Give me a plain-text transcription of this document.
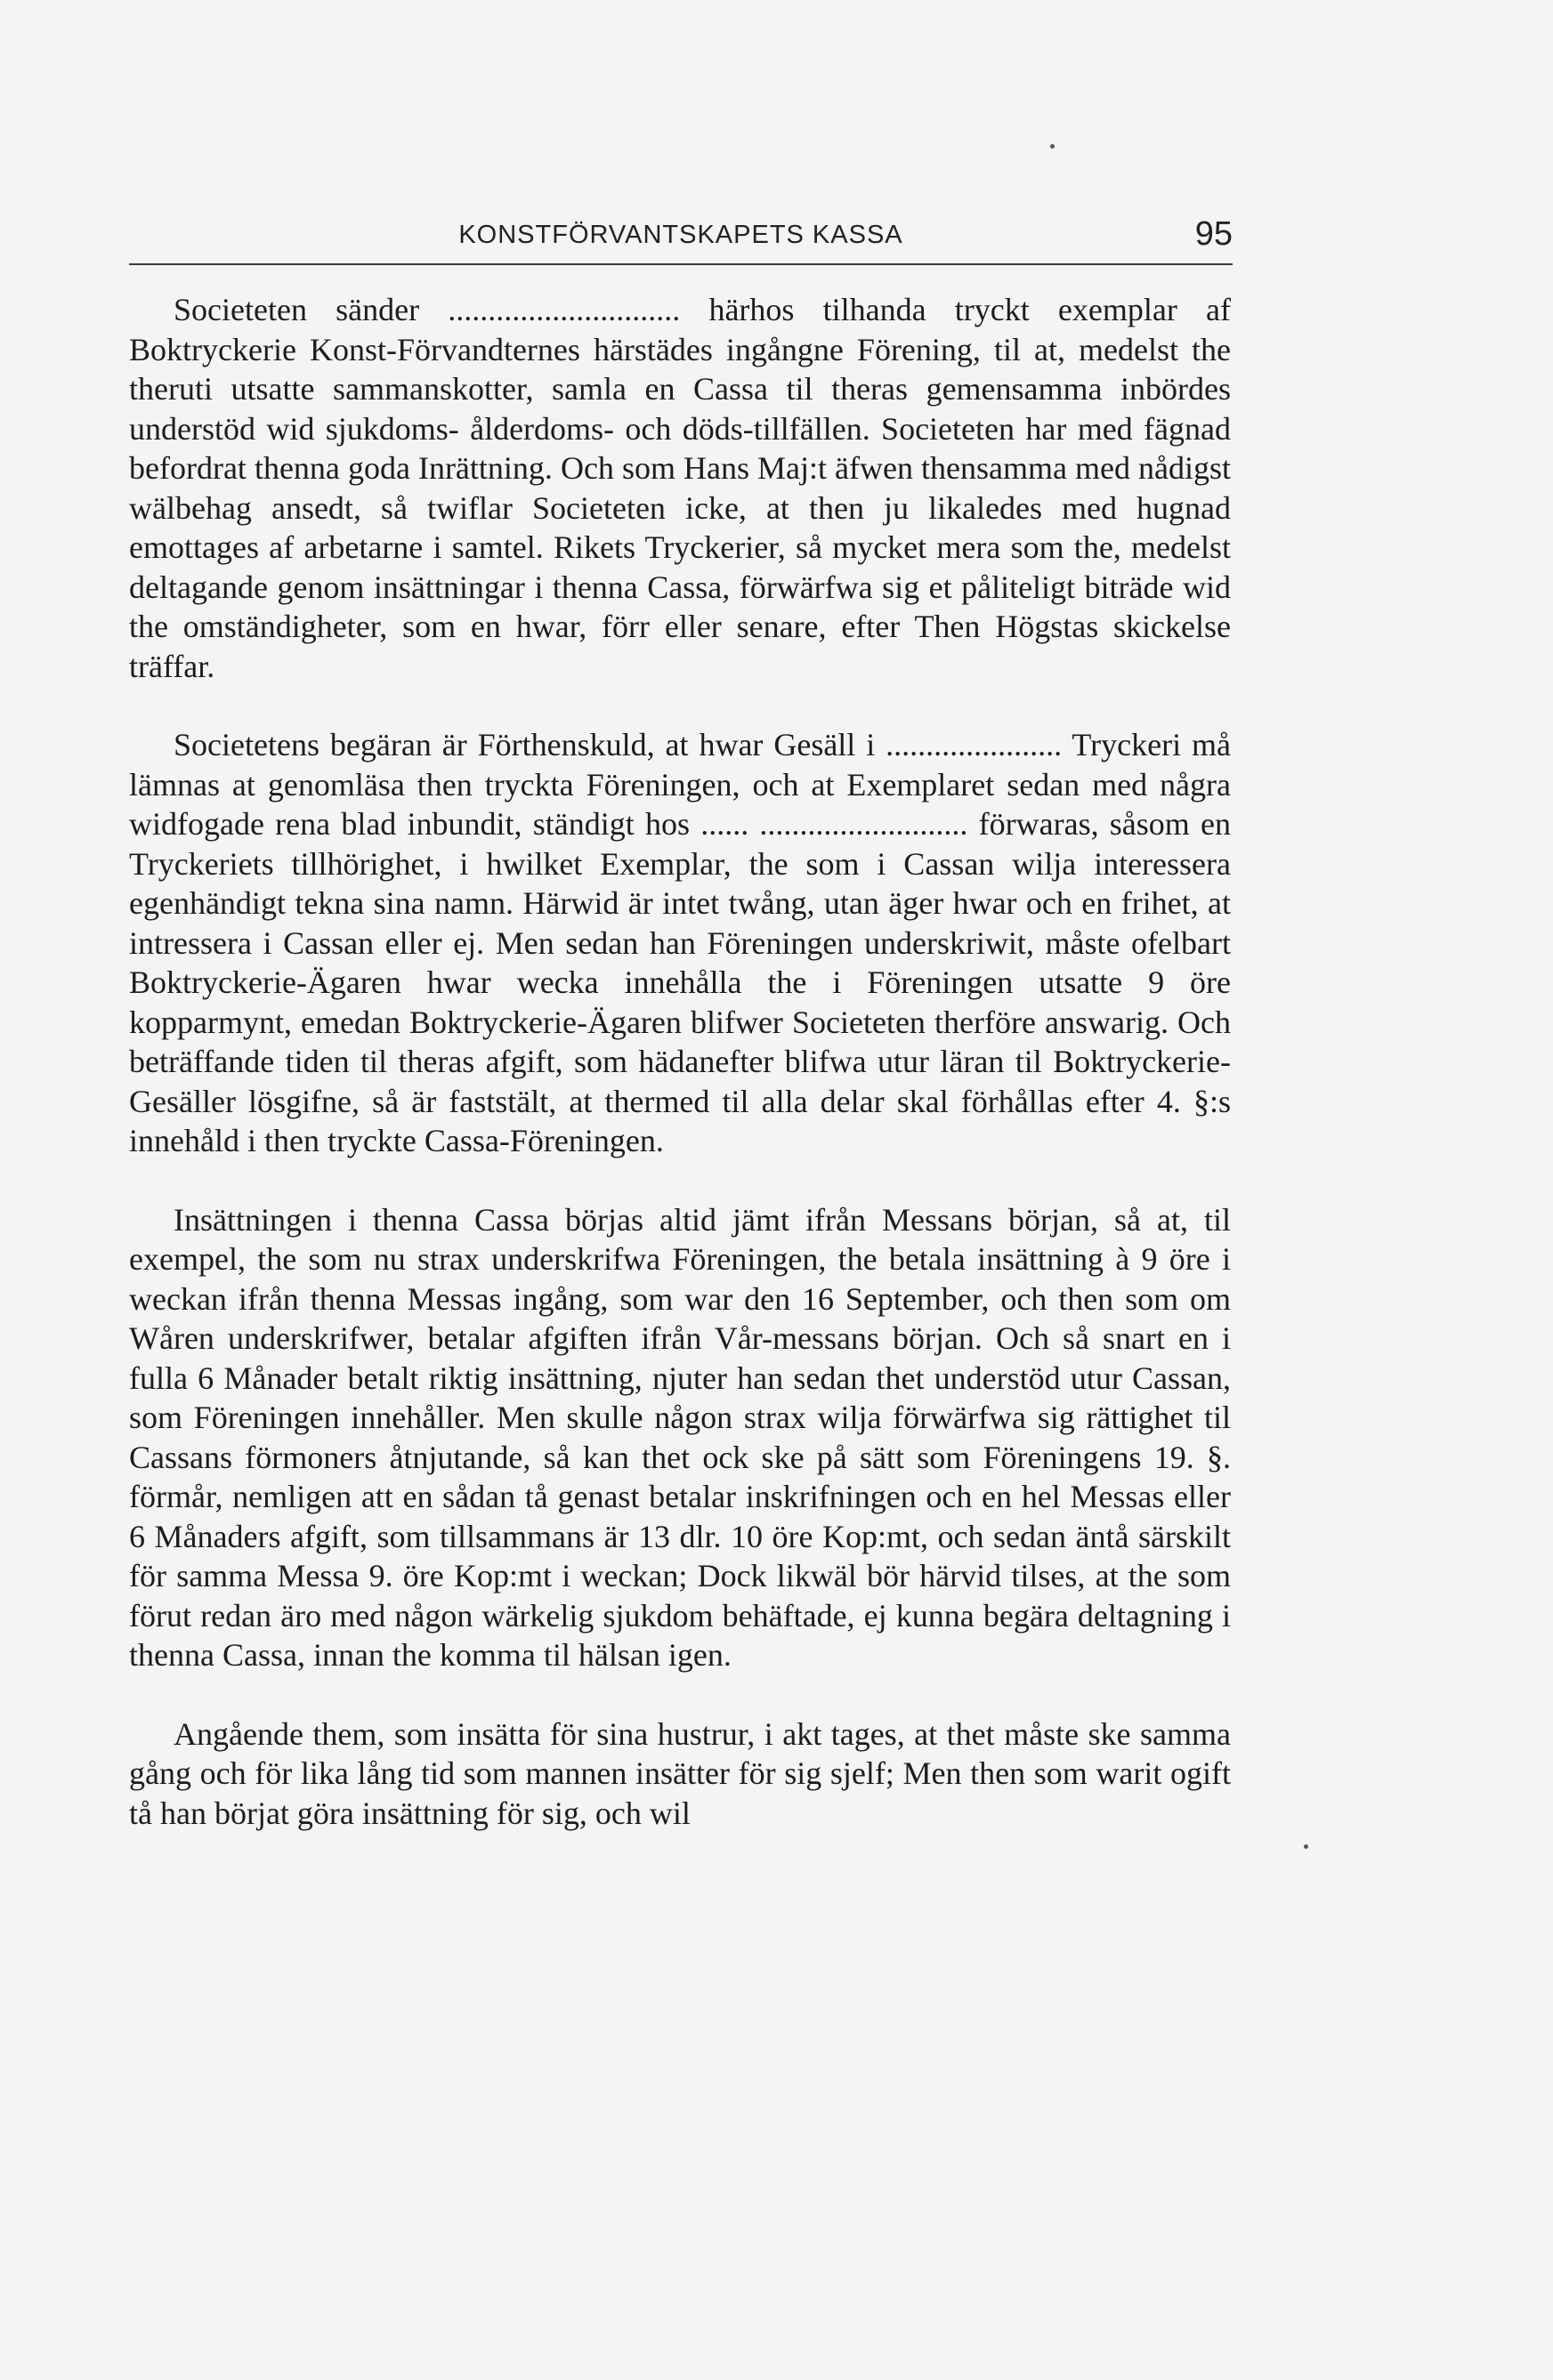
KONSTFÖRVANTSKAPETS KASSA	95

Societeten sänder ............................. härhos tilhanda tryckt exemplar af Boktryckerie Konst-Förvandternes härstädes ingångne Förening, til at, medelst the theruti utsatte sammanskotter, samla en Cassa til theras gemensamma inbördes understöd wid sjukdoms- ålderdoms- och döds-tillfällen. Societeten har med fägnad befordrat thenna goda Inrättning. Och som Hans Maj:t äfwen thensamma med nådigst wälbehag ansedt, så twiflar Societeten icke, at then ju likaledes med hugnad emottages af arbetarne i samtel. Rikets Tryckerier, så mycket mera som the, medelst deltagande genom insättningar i thenna Cassa, förwärfwa sig et påliteligt biträde wid the omständigheter, som en hwar, förr eller senare, efter Then Högstas skickelse träffar.

Societetens begäran är Förthenskuld, at hwar Gesäll i ...................... Tryckeri må lämnas at genomläsa then tryckta Föreningen, och at Exemplaret sedan med några widfogade rena blad inbundit, ständigt hos ...... .......................... förwaras, såsom en Tryckeriets tillhörighet, i hwilket Exemplar, the som i Cassan wilja interessera egenhändigt tekna sina namn. Härwid är intet twång, utan äger hwar och en frihet, at intressera i Cassan eller ej. Men sedan han Föreningen underskriwit, måste ofelbart Boktryckerie-Ägaren hwar wecka innehålla the i Föreningen utsatte 9 öre kopparmynt, emedan Boktryckerie-Ägaren blifwer Societeten therföre answarig. Och beträffande tiden til theras afgift, som hädanefter blifwa utur läran til Boktryckerie-Gesäller lösgifne, så är faststält, at thermed til alla delar skal förhållas efter 4. §:s innehåld i then tryckte Cassa-Föreningen.

Insättningen i thenna Cassa börjas altid jämt ifrån Messans början, så at, til exempel, the som nu strax underskrifwa Föreningen, the betala insättning à 9 öre i weckan ifrån thenna Messas ingång, som war den 16 September, och then som om Wåren underskrifwer, betalar afgiften ifrån Vår-messans början. Och så snart en i fulla 6 Månader betalt riktig insättning, njuter han sedan thet understöd utur Cassan, som Föreningen innehåller. Men skulle någon strax wilja förwärfwa sig rättighet til Cassans förmoners åtnjutande, så kan thet ock ske på sätt som Föreningens 19. §. förmår, nemligen att en sådan tå genast betalar inskrifningen och en hel Messas eller 6 Månaders afgift, som tillsammans är 13 dlr. 10 öre Kop:mt, och sedan äntå särskilt för samma Messa 9. öre Kop:mt i weckan; Dock likwäl bör härvid tilses, at the som förut redan äro med någon wärkelig sjukdom behäftade, ej kunna begära deltagning i thenna Cassa, innan the komma til hälsan igen.

Angående them, som insätta för sina hustrur, i akt tages, at thet måste ske samma gång och för lika lång tid som mannen insätter för sig sjelf; Men then som warit ogift tå han börjat göra insättning för sig, och wil
